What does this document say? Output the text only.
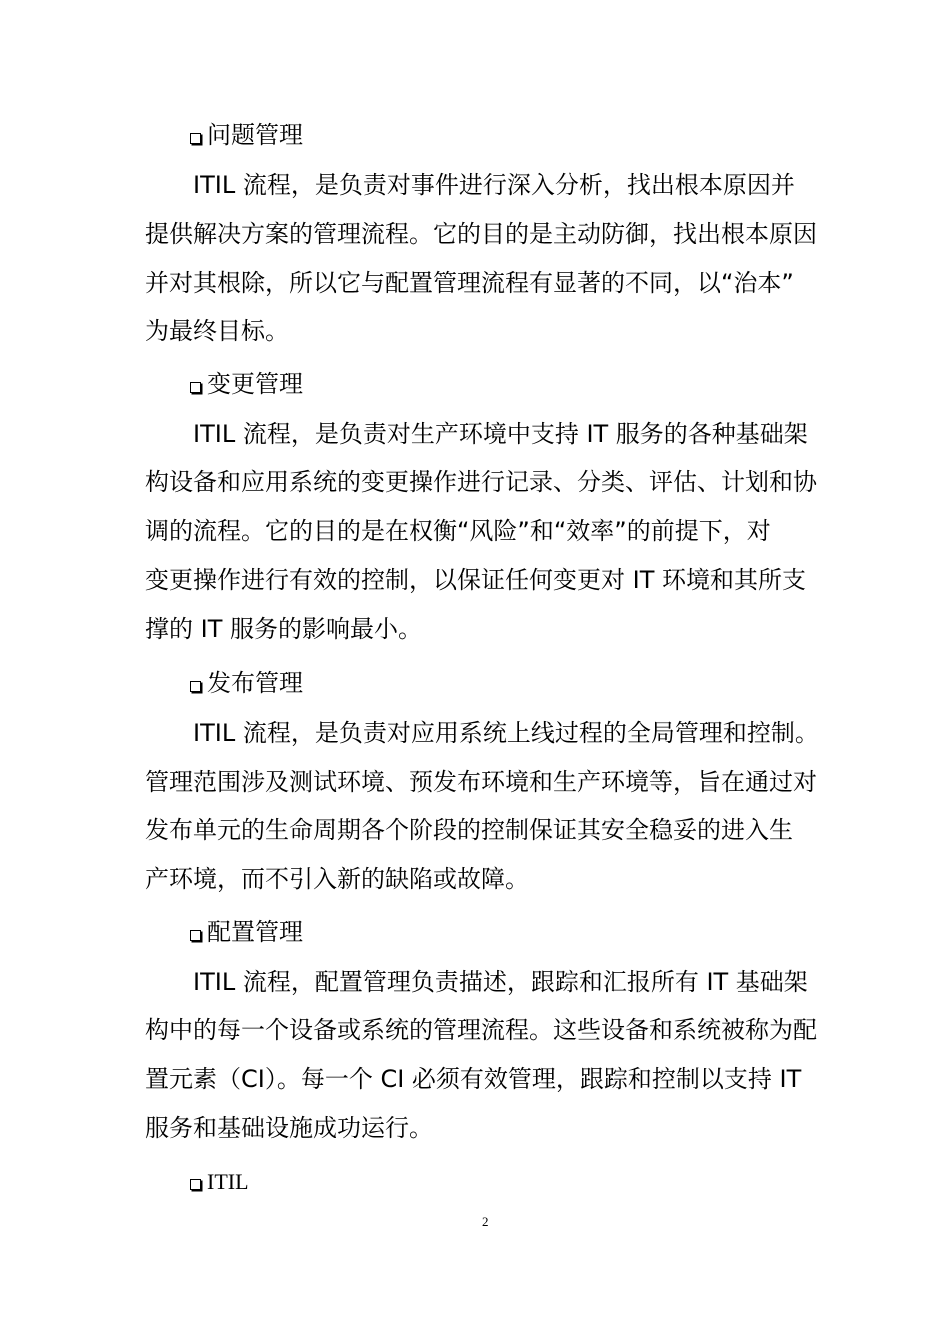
问题管理
ITIL 流程，是负责对事件进行深入分析，找出根本原因并
提供解决方案的管理流程。它的目的是主动防御，找出根本原因
并对其根除，所以它与配置管理流程有显著的不同，以“治本”
为最终目标。
变更管理
ITIL 流程，是负责对生产环境中支持 IT 服务的各种基础架
构设备和应用系统的变更操作进行记录、分类、评估、计划和协
调的流程。它的目的是在权衡“风险”和“效率”的前提下，对
变更操作进行有效的控制，以保证任何变更对 IT 环境和其所支
撑的 IT 服务的影响最小。
发布管理
ITIL 流程，是负责对应用系统上线过程的全局管理和控制。
管理范围涉及测试环境、预发布环境和生产环境等，旨在通过对
发布单元的生命周期各个阶段的控制保证其安全稳妥的进入生
产环境，而不引入新的缺陷或故障。
配置管理
ITIL 流程，配置管理负责描述，跟踪和汇报所有 IT 基础架
构中的每一个设备或系统的管理流程。这些设备和系统被称为配
置元素（CI）。每一个 CI 必须有效管理，跟踪和控制以支持 IT
服务和基础设施成功运行。
ITIL
2
